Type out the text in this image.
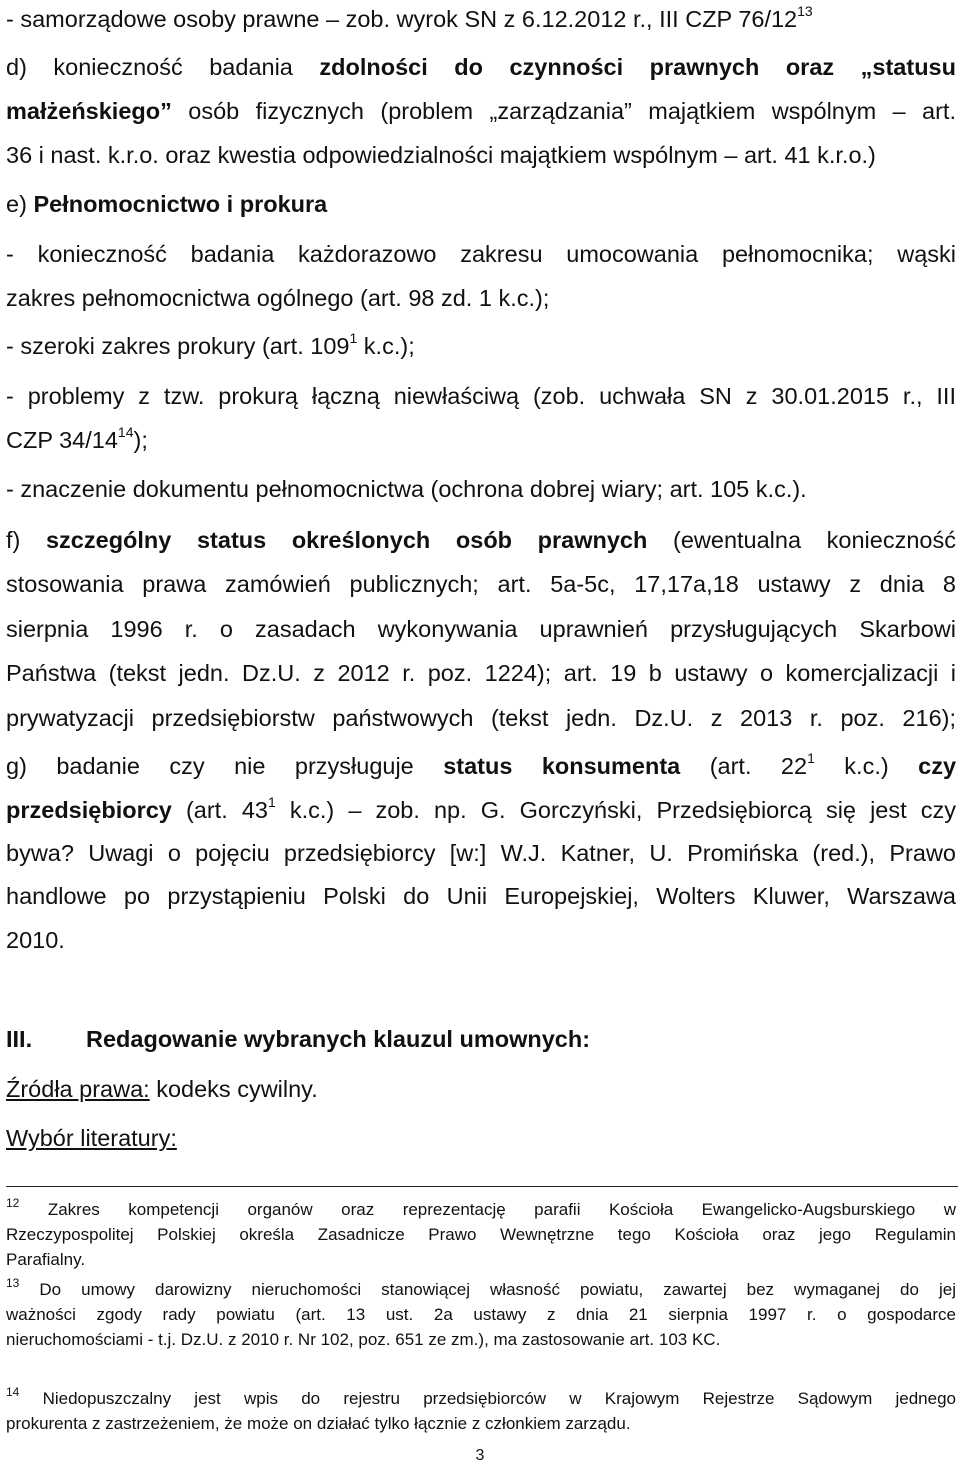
- samorządowe osoby prawne – zob. wyrok SN z 6.12.2012 r., III CZP $76/12^{13}$
d) konieczność badania zdolności do czynności prawnych oraz „statusu
małżeńskiego” osób fizycznych (problem „zarządzania” majątkiem wspólnym – art.
36 i nast. k.r.o. oraz kwestia odpowiedzialności majątkiem wspólnym – art. 41 k.r.o.)
e) Pełnomocnictwo i prokura
- konieczność badania każdorazowo zakresu umocowania pełnomocnika; wąski
zakres pełnomocnictwa ogólnego (art. 98 zd. 1 k.c.);
- szeroki zakres prokury (art. $109^1$ k.c.);
- problemy z tzw. prokurą łączną niewłaściwą (zob. uchwała SN z 30.01.2015 r., III
CZP $34/14^{14}$);
- znaczenie dokumentu pełnomocnictwa (ochrona dobrej wiary; art. 105 k.c.).
f) szczególny status określonych osób prawnych (ewentualna konieczność
stosowania prawa zamówień publicznych; art. 5a-5c, 17,17a,18 ustawy z dnia 8
sierpnia 1996 r. o zasadach wykonywania uprawnień przysługujących Skarbowi
Państwa (tekst jedn. Dz.U. z 2012 r. poz. 1224); art. 19 b ustawy o komercjalizacji i
prywatyzacji przedsiębiorstw państwowych (tekst jedn. Dz.U. z 2013 r. poz. 216);
g) badanie czy nie przysługuje status konsumenta (art. $22^1$ k.c.) czy
przedsiębiorcy (art. $43^1$ k.c.) – zob. np. G. Gorczyński, Przedsiębiorcą się jest czy
bywa? Uwagi o pojęciu przedsiębiorcy [w:] W.J. Katner, U. Promińska (red.), Prawo
handlowe po przystąpieniu Polski do Unii Europejskiej, Wolters Kluwer, Warszawa
2010.
III. Redagowanie wybranych klauzul umownych:
Źródła prawa: kodeks cywilny.
Wybór literatury:
$^{12}$ Zakres kompetencji organów oraz reprezentację parafii Kościoła Ewangelicko-Augsburskiego w
Rzeczypospolitej Polskiej określa Zasadnicze Prawo Wewnętrzne tego Kościoła oraz jego Regulamin
Parafialny.
$^{13}$ Do umowy darowizny nieruchomości stanowiącej własność powiatu, zawartej bez wymaganej do jej
ważności zgody rady powiatu (art. 13 ust. 2a ustawy z dnia 21 sierpnia 1997 r. o gospodarce
nieruchomościami - t.j. Dz.U. z 2010 r. Nr 102, poz. 651 ze zm.), ma zastosowanie art. 103 KC.
$^{14}$ Niedopuszczalny jest wpis do rejestru przedsiębiorców w Krajowym Rejestrze Sądowym jednego
prokurenta z zastrzeżeniem, że może on działać tylko łącznie z członkiem zarządu.
3
